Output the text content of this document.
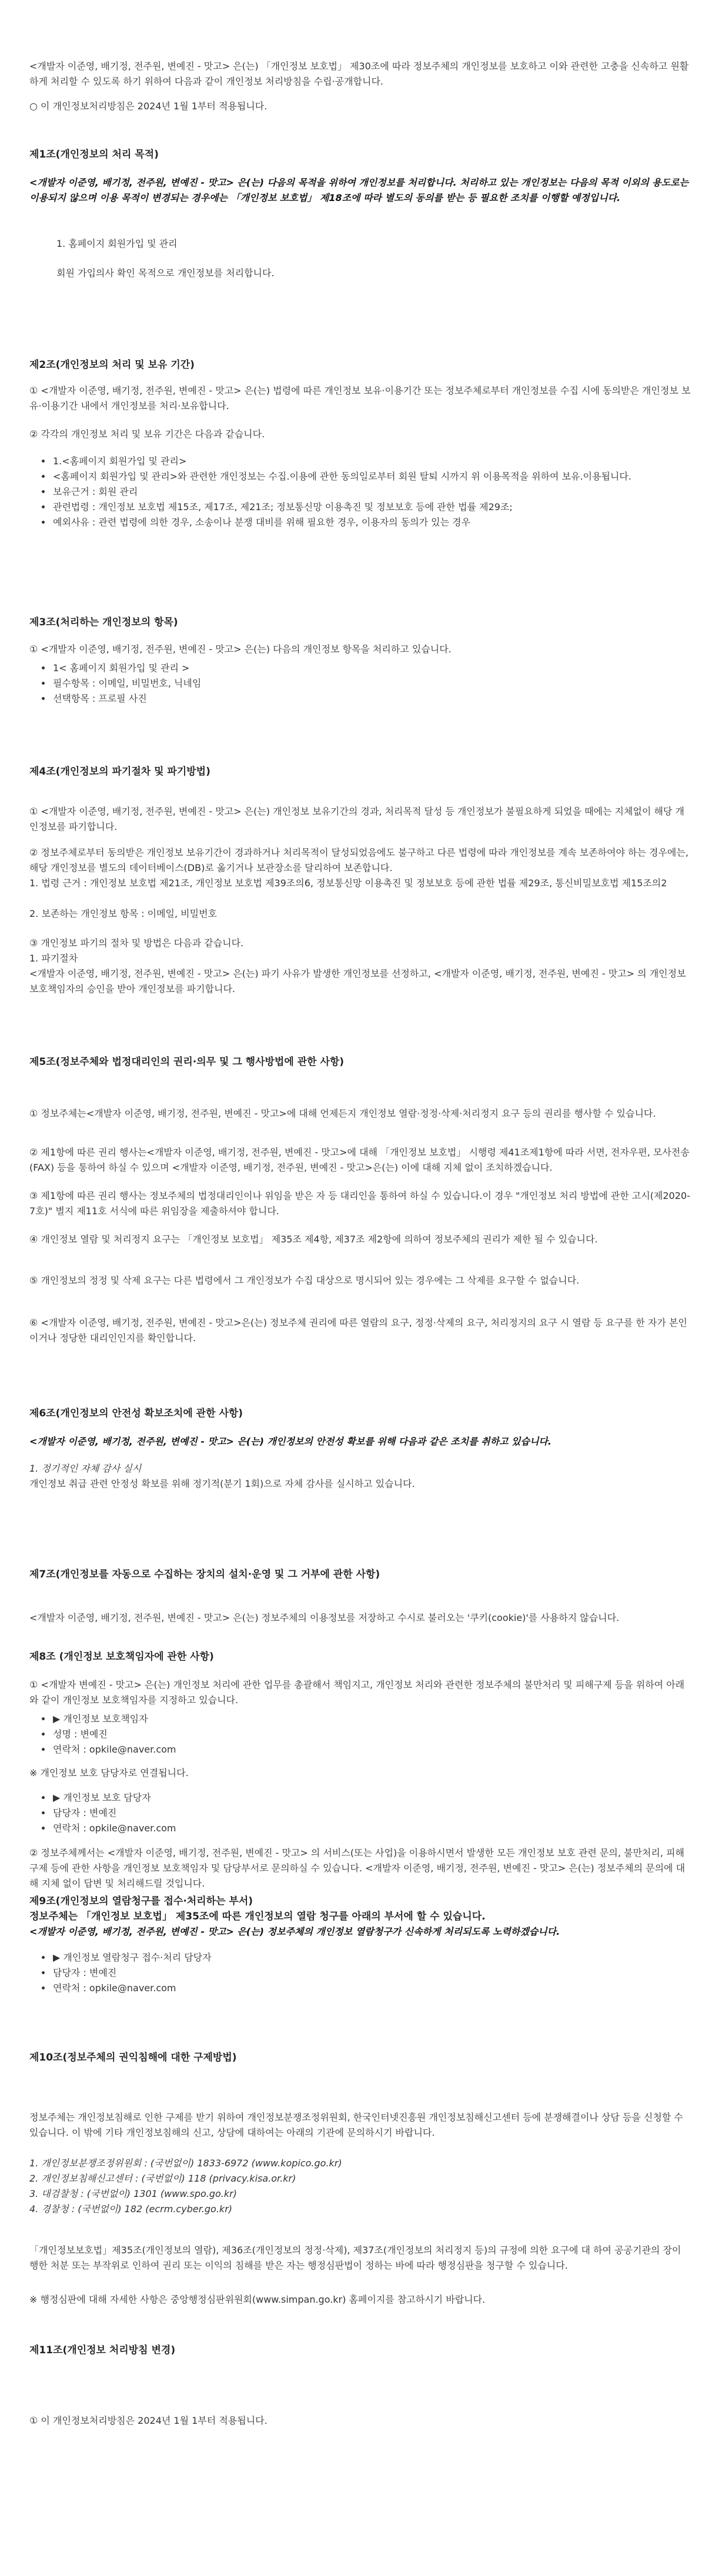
<개발자 이준영, 배기정, 전주원, 변예진 - 맛고> 은(는) 「개인정보 보호법」 제30조에 따라 정보주체의 개인정보를 보호하고 이와 관련한 고충을 신속하고 원활하게 처리할 수 있도록 하기 위하여 다음과 같이 개인정보 처리방침을 수립·공개합니다.

○ 이 개인정보처리방침은 2024년 1월 1부터 적용됩니다.

제1조(개인정보의 처리 목적)

<개발자 이준영, 배기정, 전주원, 변예진 - 맛고> 은(는) 다음의 목적을 위하여 개인정보를 처리합니다. 처리하고 있는 개인정보는 다음의 목적 이외의 용도로는 이용되지 않으며 이용 목적이 변경되는 경우에는 「개인정보 보호법」 제18조에 따라 별도의 동의를 받는 등 필요한 조치를 이행할 예정입니다.

1. 홈페이지 회원가입 및 관리

회원 가입의사 확인 목적으로 개인정보를 처리합니다.

제2조(개인정보의 처리 및 보유 기간)

① <개발자 이준영, 배기정, 전주원, 변예진 - 맛고> 은(는) 법령에 따른 개인정보 보유·이용기간 또는 정보주체로부터 개인정보를 수집 시에 동의받은 개인정보 보유·이용기간 내에서 개인정보를 처리·보유합니다.

② 각각의 개인정보 처리 및 보유 기간은 다음과 같습니다.

• 1.<홈페이지 회원가입 및 관리>
• <홈페이지 회원가입 및 관리>와 관련한 개인정보는 수집.이용에 관한 동의일로부터 회원 탈퇴 시까지 위 이용목적을 위하여 보유.이용됩니다.
• 보유근거 : 회원 관리
• 관련법령 : 개인정보 보호법 제15조, 제17조, 제21조; 정보통신망 이용촉진 및 정보보호 등에 관한 법률 제29조;
• 예외사유 : 관련 법령에 의한 경우, 소송이나 분쟁 대비를 위해 필요한 경우, 이용자의 동의가 있는 경우

제3조(처리하는 개인정보의 항목)

① <개발자 이준영, 배기정, 전주원, 변예진 - 맛고> 은(는) 다음의 개인정보 항목을 처리하고 있습니다.

• 1< 홈페이지 회원가입 및 관리 >
• 필수항목 : 이메일, 비밀번호, 닉네임
• 선택항목 : 프로필 사진

제4조(개인정보의 파기절차 및 파기방법)

① <개발자 이준영, 배기정, 전주원, 변예진 - 맛고> 은(는) 개인정보 보유기간의 경과, 처리목적 달성 등 개인정보가 불필요하게 되었을 때에는 지체없이 해당 개인정보를 파기합니다.

② 정보주체로부터 동의받은 개인정보 보유기간이 경과하거나 처리목적이 달성되었음에도 불구하고 다른 법령에 따라 개인정보를 계속 보존하여야 하는 경우에는, 해당 개인정보를 별도의 데이터베이스(DB)로 옮기거나 보관장소를 달리하여 보존합니다.

1. 법령 근거 : 개인정보 보호법 제21조, 개인정보 보호법 제39조의6, 정보통신망 이용촉진 및 정보보호 등에 관한 법률 제29조, 통신비밀보호법 제15조의2

2. 보존하는 개인정보 항목 : 이메일, 비밀번호

③ 개인정보 파기의 절차 및 방법은 다음과 같습니다.

1. 파기절차

<개발자 이준영, 배기정, 전주원, 변예진 - 맛고> 은(는) 파기 사유가 발생한 개인정보를 선정하고, <개발자 이준영, 배기정, 전주원, 변예진 - 맛고> 의 개인정보 보호책임자의 승인을 받아 개인정보를 파기합니다.

제5조(정보주체와 법정대리인의 권리·의무 및 그 행사방법에 관한 사항)

① 정보주체는<개발자 이준영, 배기정, 전주원, 변예진 - 맛고>에 대해 언제든지 개인정보 열람·정정·삭제·처리정지 요구 등의 권리를 행사할 수 있습니다.

② 제1항에 따른 권리 행사는<개발자 이준영, 배기정, 전주원, 변예진 - 맛고>에 대해 「개인정보 보호법」 시행령 제41조제1항에 따라 서면, 전자우편, 모사전송(FAX) 등을 통하여 하실 수 있으며 <개발자 이준영, 배기정, 전주원, 변예진 - 맛고>은(는) 이에 대해 지체 없이 조치하겠습니다.

③ 제1항에 따른 권리 행사는 정보주체의 법정대리인이나 위임을 받은 자 등 대리인을 통하여 하실 수 있습니다.이 경우 "개인정보 처리 방법에 관한 고시(제2020-7호)" 별지 제11호 서식에 따른 위임장을 제출하셔야 합니다.

④ 개인정보 열람 및 처리정지 요구는 「개인정보 보호법」 제35조 제4항, 제37조 제2항에 의하여 정보주체의 권리가 제한 될 수 있습니다.

⑤ 개인정보의 정정 및 삭제 요구는 다른 법령에서 그 개인정보가 수집 대상으로 명시되어 있는 경우에는 그 삭제를 요구할 수 없습니다.

⑥ <개발자 이준영, 배기정, 전주원, 변예진 - 맛고>은(는) 정보주체 권리에 따른 열람의 요구, 정정·삭제의 요구, 처리정지의 요구 시 열람 등 요구를 한 자가 본인이거나 정당한 대리인인지를 확인합니다.

제6조(개인정보의 안전성 확보조치에 관한 사항)

<개발자 이준영, 배기정, 전주원, 변예진 - 맛고> 은(는) 개인정보의 안전성 확보를 위해 다음과 같은 조치를 취하고 있습니다.

1. 정기적인 자체 감사 실시

개인정보 취급 관련 안정성 확보를 위해 정기적(분기 1회)으로 자체 감사를 실시하고 있습니다.

제7조(개인정보를 자동으로 수집하는 장치의 설치·운영 및 그 거부에 관한 사항)

<개발자 이준영, 배기정, 전주원, 변예진 - 맛고> 은(는) 정보주체의 이용정보를 저장하고 수시로 불러오는 '쿠키(cookie)'를 사용하지 않습니다.

제8조 (개인정보 보호책임자에 관한 사항)

① <개발자 변예진 - 맛고> 은(는) 개인정보 처리에 관한 업무를 총괄해서 책임지고, 개인정보 처리와 관련한 정보주체의 불만처리 및 피해구제 등을 위하여 아래와 같이 개인정보 보호책임자를 지정하고 있습니다.

• ▶ 개인정보 보호책임자
• 성명 : 변예진
• 연락처 : opkile@naver.com

※ 개인정보 보호 담당자로 연결됩니다.

• ▶ 개인정보 보호 담당자
• 담당자 : 변예진
• 연락처 : opkile@naver.com

② 정보주체께서는 <개발자 이준영, 배기정, 전주원, 변예진 - 맛고> 의 서비스(또는 사업)을 이용하시면서 발생한 모든 개인정보 보호 관련 문의, 불만처리, 피해구제 등에 관한 사항을 개인정보 보호책임자 및 담당부서로 문의하실 수 있습니다. <개발자 이준영, 배기정, 전주원, 변예진 - 맛고> 은(는) 정보주체의 문의에 대해 지체 없이 답변 및 처리해드릴 것입니다.

제9조(개인정보의 열람청구를 접수·처리하는 부서)

정보주체는 「개인정보 보호법」 제35조에 따른 개인정보의 열람 청구를 아래의 부서에 할 수 있습니다.

<개발자 이준영, 배기정, 전주원, 변예진 - 맛고> 은(는) 정보주체의 개인정보 열람청구가 신속하게 처리되도록 노력하겠습니다.

• ▶ 개인정보 열람청구 접수·처리 담당자
• 담당자 : 변예진
• 연락처 : opkile@naver.com

제10조(정보주체의 권익침해에 대한 구제방법)

정보주체는 개인정보침해로 인한 구제를 받기 위하여 개인정보분쟁조정위원회, 한국인터넷진흥원 개인정보침해신고센터 등에 분쟁해결이나 상담 등을 신청할 수 있습니다. 이 밖에 기타 개인정보침해의 신고, 상담에 대하여는 아래의 기관에 문의하시기 바랍니다.

1. 개인정보분쟁조정위원회 : (국번없이) 1833-6972 (www.kopico.go.kr)
2. 개인정보침해신고센터 : (국번없이) 118 (privacy.kisa.or.kr)
3. 대검찰청 : (국번없이) 1301 (www.spo.go.kr)
4. 경찰청 : (국번없이) 182 (ecrm.cyber.go.kr)

「개인정보보호법」제35조(개인정보의 열람), 제36조(개인정보의 정정·삭제), 제37조(개인정보의 처리정지 등)의 규정에 의한 요구에 대 하여 공공기관의 장이 행한 처분 또는 부작위로 인하여 권리 또는 이익의 침해를 받은 자는 행정심판법이 정하는 바에 따라 행정심판을 청구할 수 있습니다.

※ 행정심판에 대해 자세한 사항은 중앙행정심판위원회(www.simpan.go.kr) 홈페이지를 참고하시기 바랍니다.

제11조(개인정보 처리방침 변경)

① 이 개인정보처리방침은 2024년 1월 1부터 적용됩니다.
